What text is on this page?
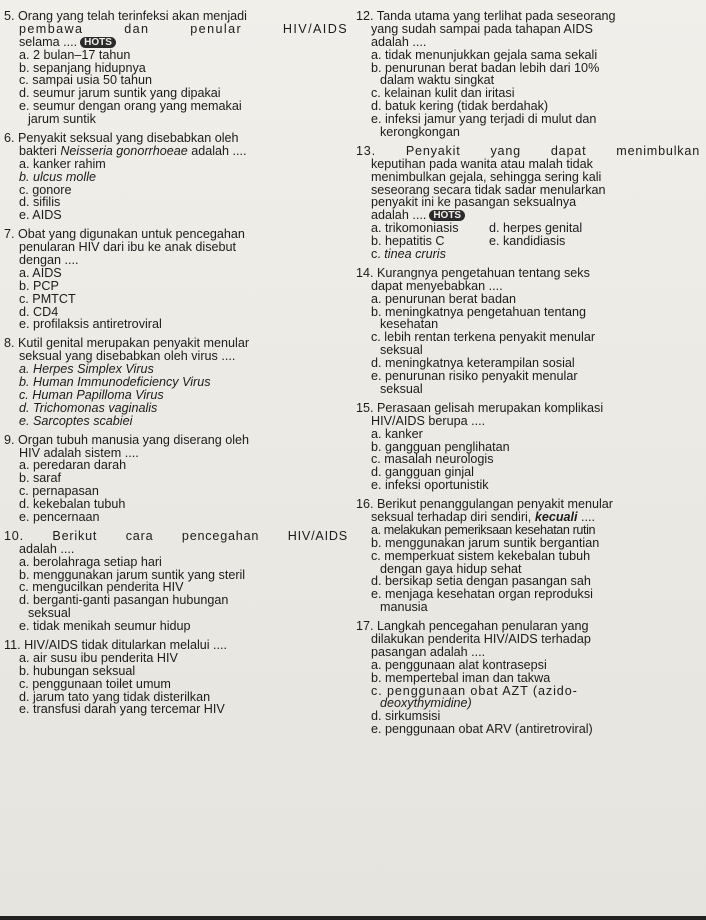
5. Orang yang telah terinfeksi akan menjadi
pembawa dan penular HIV/AIDS
selama .... HOTS
a. 2 bulan–17 tahun
b. sepanjang hidupnya
c. sampai usia 50 tahun
d. seumur jarum suntik yang dipakai
e. seumur dengan orang yang memakai
jarum suntik
6. Penyakit seksual yang disebabkan oleh
bakteri Neisseria gonorrhoeae adalah ....
a. kanker rahim
b. ulcus molle
c. gonore
d. sifilis
e. AIDS
7. Obat yang digunakan untuk pencegahan
penularan HIV dari ibu ke anak disebut
dengan ....
a. AIDS
b. PCP
c. PMTCT
d. CD4
e. profilaksis antiretroviral
8. Kutil genital merupakan penyakit menular
seksual yang disebabkan oleh virus ....
a. Herpes Simplex Virus
b. Human Immunodeficiency Virus
c. Human Papilloma Virus
d. Trichomonas vaginalis
e. Sarcoptes scabiei
9. Organ tubuh manusia yang diserang oleh
HIV adalah sistem ....
a. peredaran darah
b. saraf
c. pernapasan
d. kekebalan tubuh
e. pencernaan
10. Berikut cara pencegahan HIV/AIDS
adalah ....
a. berolahraga setiap hari
b. menggunakan jarum suntik yang steril
c. mengucilkan penderita HIV
d. berganti-ganti pasangan hubungan
seksual
e. tidak menikah seumur hidup
11. HIV/AIDS tidak ditularkan melalui ....
a. air susu ibu penderita HIV
b. hubungan seksual
c. penggunaan toilet umum
d. jarum tato yang tidak disterilkan
e. transfusi darah yang tercemar HIV
12. Tanda utama yang terlihat pada seseorang
yang sudah sampai pada tahapan AIDS
adalah ....
a. tidak menunjukkan gejala sama sekali
b. penurunan berat badan lebih dari 10%
dalam waktu singkat
c. kelainan kulit dan iritasi
d. batuk kering (tidak berdahak)
e. infeksi jamur yang terjadi di mulut dan
kerongkongan
13. Penyakit yang dapat menimbulkan
keputihan pada wanita atau malah tidak
menimbulkan gejala, sehingga sering kali
seseorang secara tidak sadar menularkan
penyakit ini ke pasangan seksualnya
adalah .... HOTS
a. trikomoniasis d. herpes genital
b. hepatitis C	e. kandidiasis
c. tinea cruris
14. Kurangnya pengetahuan tentang seks
dapat menyebabkan ....
a. penurunan berat badan
b. meningkatnya pengetahuan tentang
kesehatan
c. lebih rentan terkena penyakit menular
seksual
d. meningkatnya keterampilan sosial
e. penurunan risiko penyakit menular
seksual
15. Perasaan gelisah merupakan komplikasi
HIV/AIDS berupa ....
a. kanker
b. gangguan penglihatan
c. masalah neurologis
d. gangguan ginjal
e. infeksi oportunistik
16. Berikut penanggulangan penyakit menular
seksual terhadap diri sendiri, kecuali ....
a. melakukan pemeriksaan kesehatan rutin
b. menggunakan jarum suntik bergantian
c. memperkuat sistem kekebalan tubuh
dengan gaya hidup sehat
d. bersikap setia dengan pasangan sah
e. menjaga kesehatan organ reproduksi
manusia
17. Langkah pencegahan penularan yang
dilakukan penderita HIV/AIDS terhadap
pasangan adalah ....
a. penggunaan alat kontrasepsi
b. mempertebal iman dan takwa
c. penggunaan obat AZT (azido-
deoxythymidine)
d. sirkumsisi
e. penggunaan obat ARV (antiretroviral)
